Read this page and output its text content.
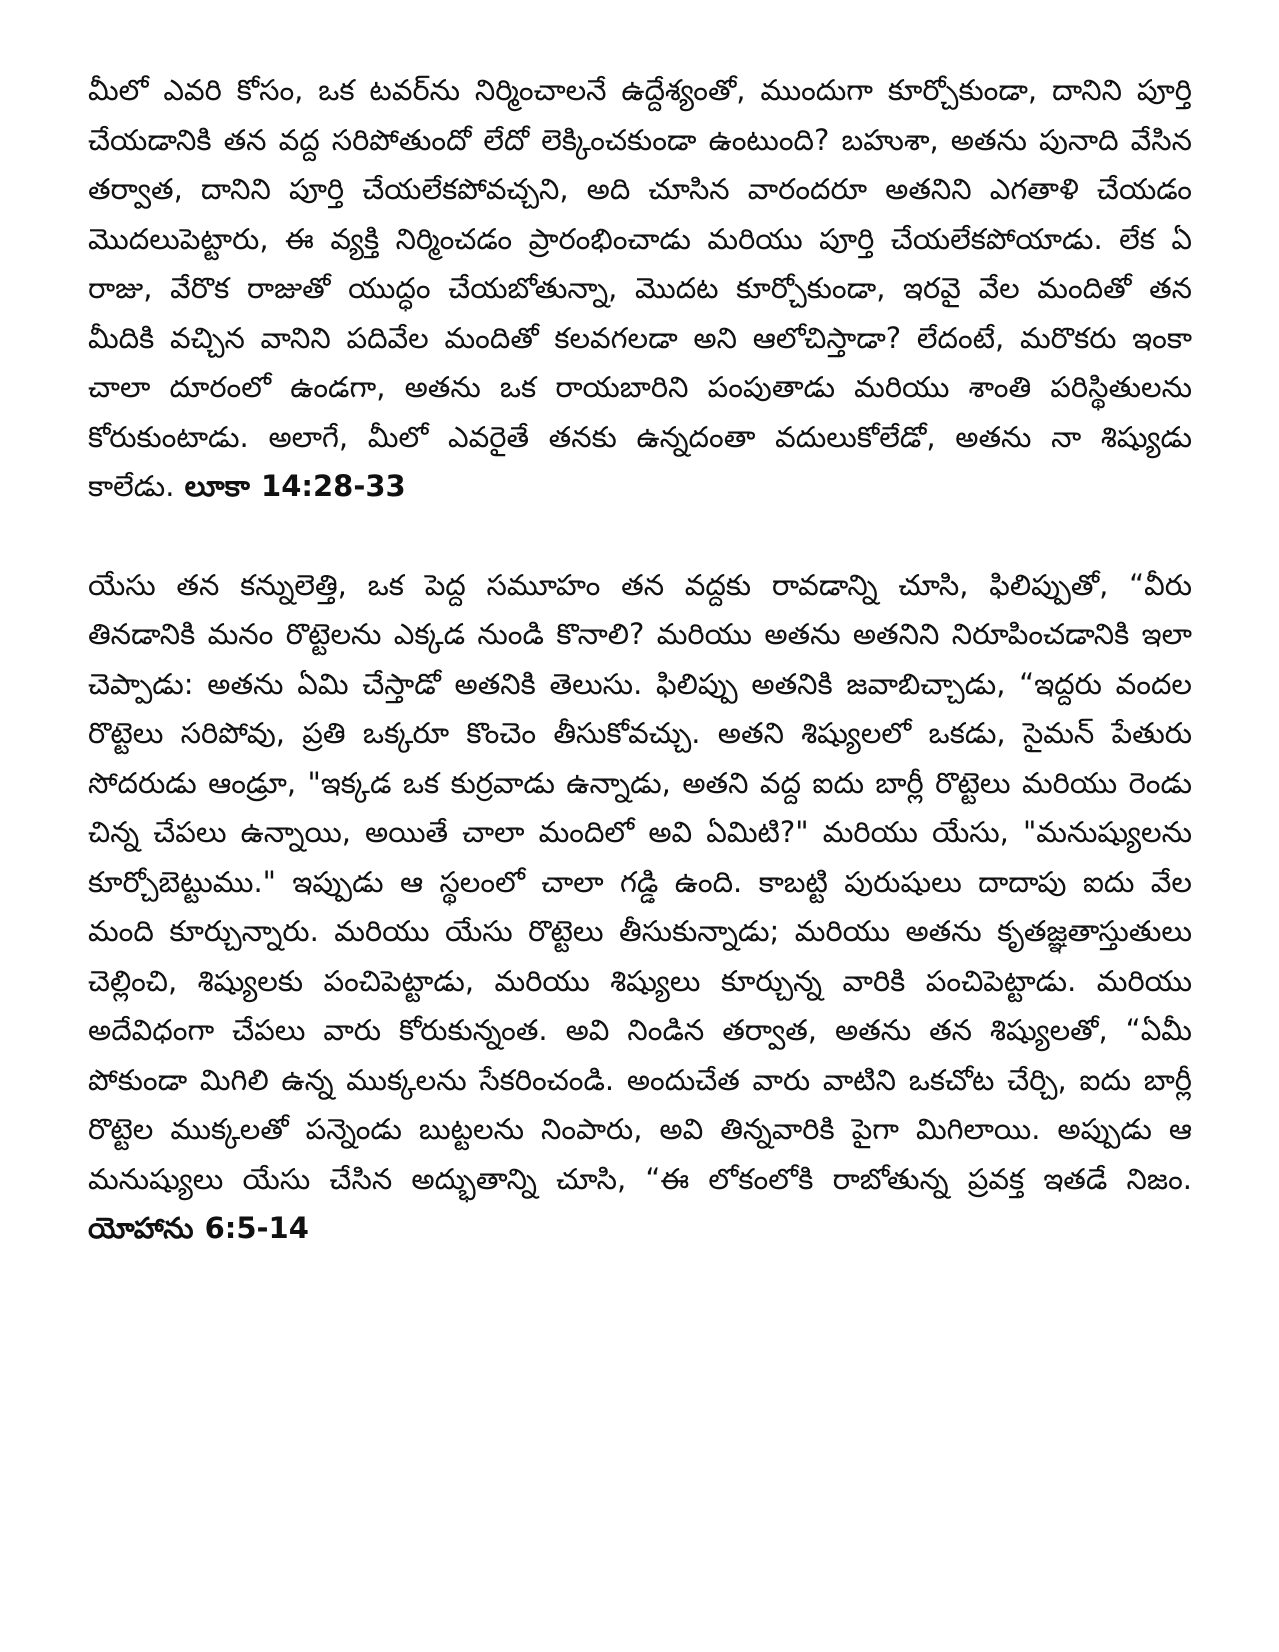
మీలో ఎవరి కోసం, ఒక టవర్‌ను నిర్మించాలనే ఉద్దేశ్యంతో, ముందుగా కూర్చోకుండా, దానిని పూర్తి చేయడానికి తన వద్ద సరిపోతుందో లేదో లెక్కించకుండా ఉంటుంది? బహుశా, అతను పునాది వేసిన తర్వాత, దానిని పూర్తి చేయలేకపోవచ్చని, అది చూసిన వారందరూ అతనిని ఎగతాళి చేయడం మొదలుపెట్టారు, ఈ వ్యక్తి నిర్మించడం ప్రారంభించాడు మరియు పూర్తి చేయలేకపోయాడు. లేక ఏ రాజు, వేరొక రాజుతో యుద్ధం చేయబోతున్నా, మొదట కూర్చోకుండా, ఇరవై వేల మందితో తన మీదికి వచ్చిన వానిని పదివేల మందితో కలవగలడా అని ఆలోచిస్తాడా? లేదంటే, మరొకరు ఇంకా చాలా దూరంలో ఉండగా, అతను ఒక రాయబారిని పంపుతాడు మరియు శాంతి పరిస్థితులను కోరుకుంటాడు. అలాగే, మీలో ఎవరైతే తనకు ఉన్నదంతా వదులుకోలేడో, అతను నా శిష్యుడు కాలేడు. లూకా 14:28-33

యేసు తన కన్నులెత్తి, ఒక పెద్ద సమూహం తన వద్దకు రావడాన్ని చూసి, ఫిలిప్పుతో, “వీరు తినడానికి మనం రొట్టెలను ఎక్కడ నుండి కొనాలి? మరియు అతను అతనిని నిరూపించడానికి ఇలా చెప్పాడు: అతను ఏమి చేస్తాడో అతనికి తెలుసు. ఫిలిప్పు అతనికి జవాబిచ్చాడు, “ఇద్దరు వందల రొట్టెలు సరిపోవు, ప్రతి ఒక్కరూ కొంచెం తీసుకోవచ్చు. అతని శిష్యులలో ఒకడు, సైమన్ పేతురు సోదరుడు ఆండ్రూ, "ఇక్కడ ఒక కుర్రవాడు ఉన్నాడు, అతని వద్ద ఐదు బార్లీ రొట్టెలు మరియు రెండు చిన్న చేపలు ఉన్నాయి, అయితే చాలా మందిలో అవి ఏమిటి?" మరియు యేసు, "మనుష్యులను కూర్చోబెట్టుము." ఇప్పుడు ఆ స్థలంలో చాలా గడ్డి ఉంది. కాబట్టి పురుషులు దాదాపు ఐదు వేల మంది కూర్చున్నారు. మరియు యేసు రొట్టెలు తీసుకున్నాడు; మరియు అతను కృతజ్ఞతాస్తుతులు చెల్లించి, శిష్యులకు పంచిపెట్టాడు, మరియు శిష్యులు కూర్చున్న వారికి పంచిపెట్టాడు. మరియు అదేవిధంగా చేపలు వారు కోరుకున్నంత. అవి నిండిన తర్వాత, అతను తన శిష్యులతో, “ఏమీ పోకుండా మిగిలి ఉన్న ముక్కలను సేకరించండి. అందుచేత వారు వాటిని ఒకచోట చేర్చి, ఐదు బార్లీ రొట్టెల ముక్కలతో పన్నెండు బుట్టలను నింపారు, అవి తిన్నవారికి పైగా మిగిలాయి. అప్పుడు ఆ మనుష్యులు యేసు చేసిన అద్భుతాన్ని చూసి, “ఈ లోకంలోకి రాబోతున్న ప్రవక్త ఇతడే నిజం. యోహాను 6:5-14
